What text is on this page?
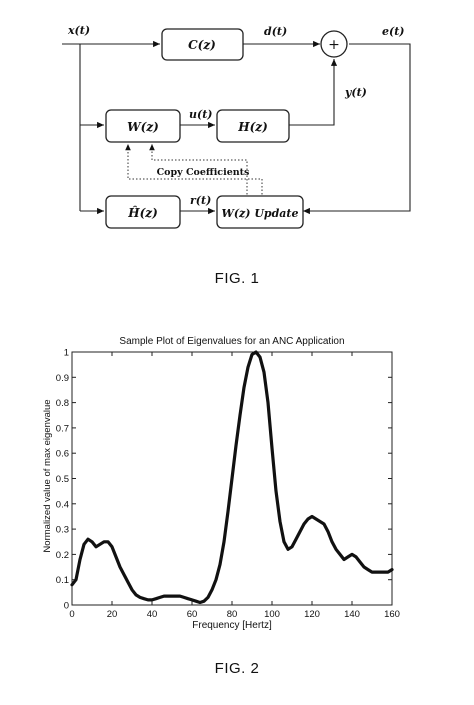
x(t)	d(t)	e(t)
y(t)
u(t)
r(t)
C(z)
W(z)	H(z)
Ĥ(z)	W(z) Update
+
Copy Coefficients
FIG. 1
Sample Plot of Eigenvalues for an ANC Application
Frequency [Hertz]
Normalized value of max eigenvalue
0	20	40	60	80	100	120	140	160
0
0.1
0.2
0.3
0.4
0.5
0.6
0.7
0.8
0.9
1
FIG. 2
